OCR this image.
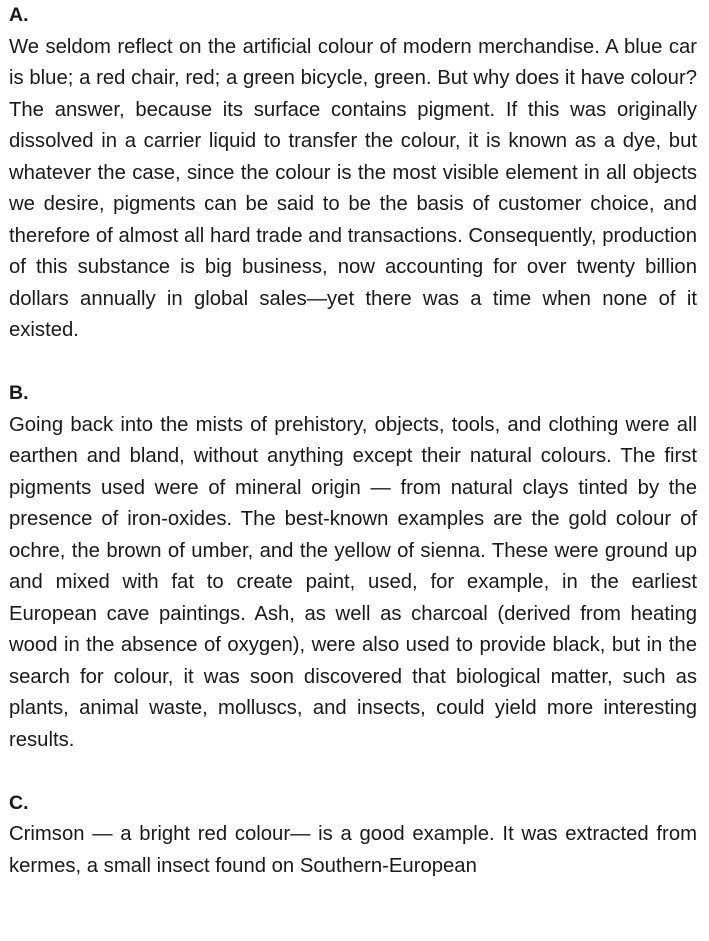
A.

We seldom reflect on the artificial colour of modern merchandise. A blue car is blue; a red chair, red; a green bicycle, green. But why does it have colour? The answer, because its surface contains pigment. If this was originally dissolved in a carrier liquid to transfer the colour, it is known as a dye, but whatever the case, since the colour is the most visible element in all objects we desire, pigments can be said to be the basis of customer choice, and therefore of almost all hard trade and transactions. Consequently, production of this substance is big business, now accounting for over twenty billion dollars annually in global sales—yet there was a time when none of it existed.

B.

Going back into the mists of prehistory, objects, tools, and clothing were all earthen and bland, without anything except their natural colours. The first pigments used were of mineral origin — from natural clays tinted by the presence of iron-oxides. The best-known examples are the gold colour of ochre, the brown of umber, and the yellow of sienna. These were ground up and mixed with fat to create paint, used, for example, in the earliest European cave paintings. Ash, as well as charcoal (derived from heating wood in the absence of oxygen), were also used to provide black, but in the search for colour, it was soon discovered that biological matter, such as plants, animal waste, molluscs, and insects, could yield more interesting results.

C.

Crimson — a bright red colour— is a good example. It was extracted from kermes, a small insect found on Southern-European
